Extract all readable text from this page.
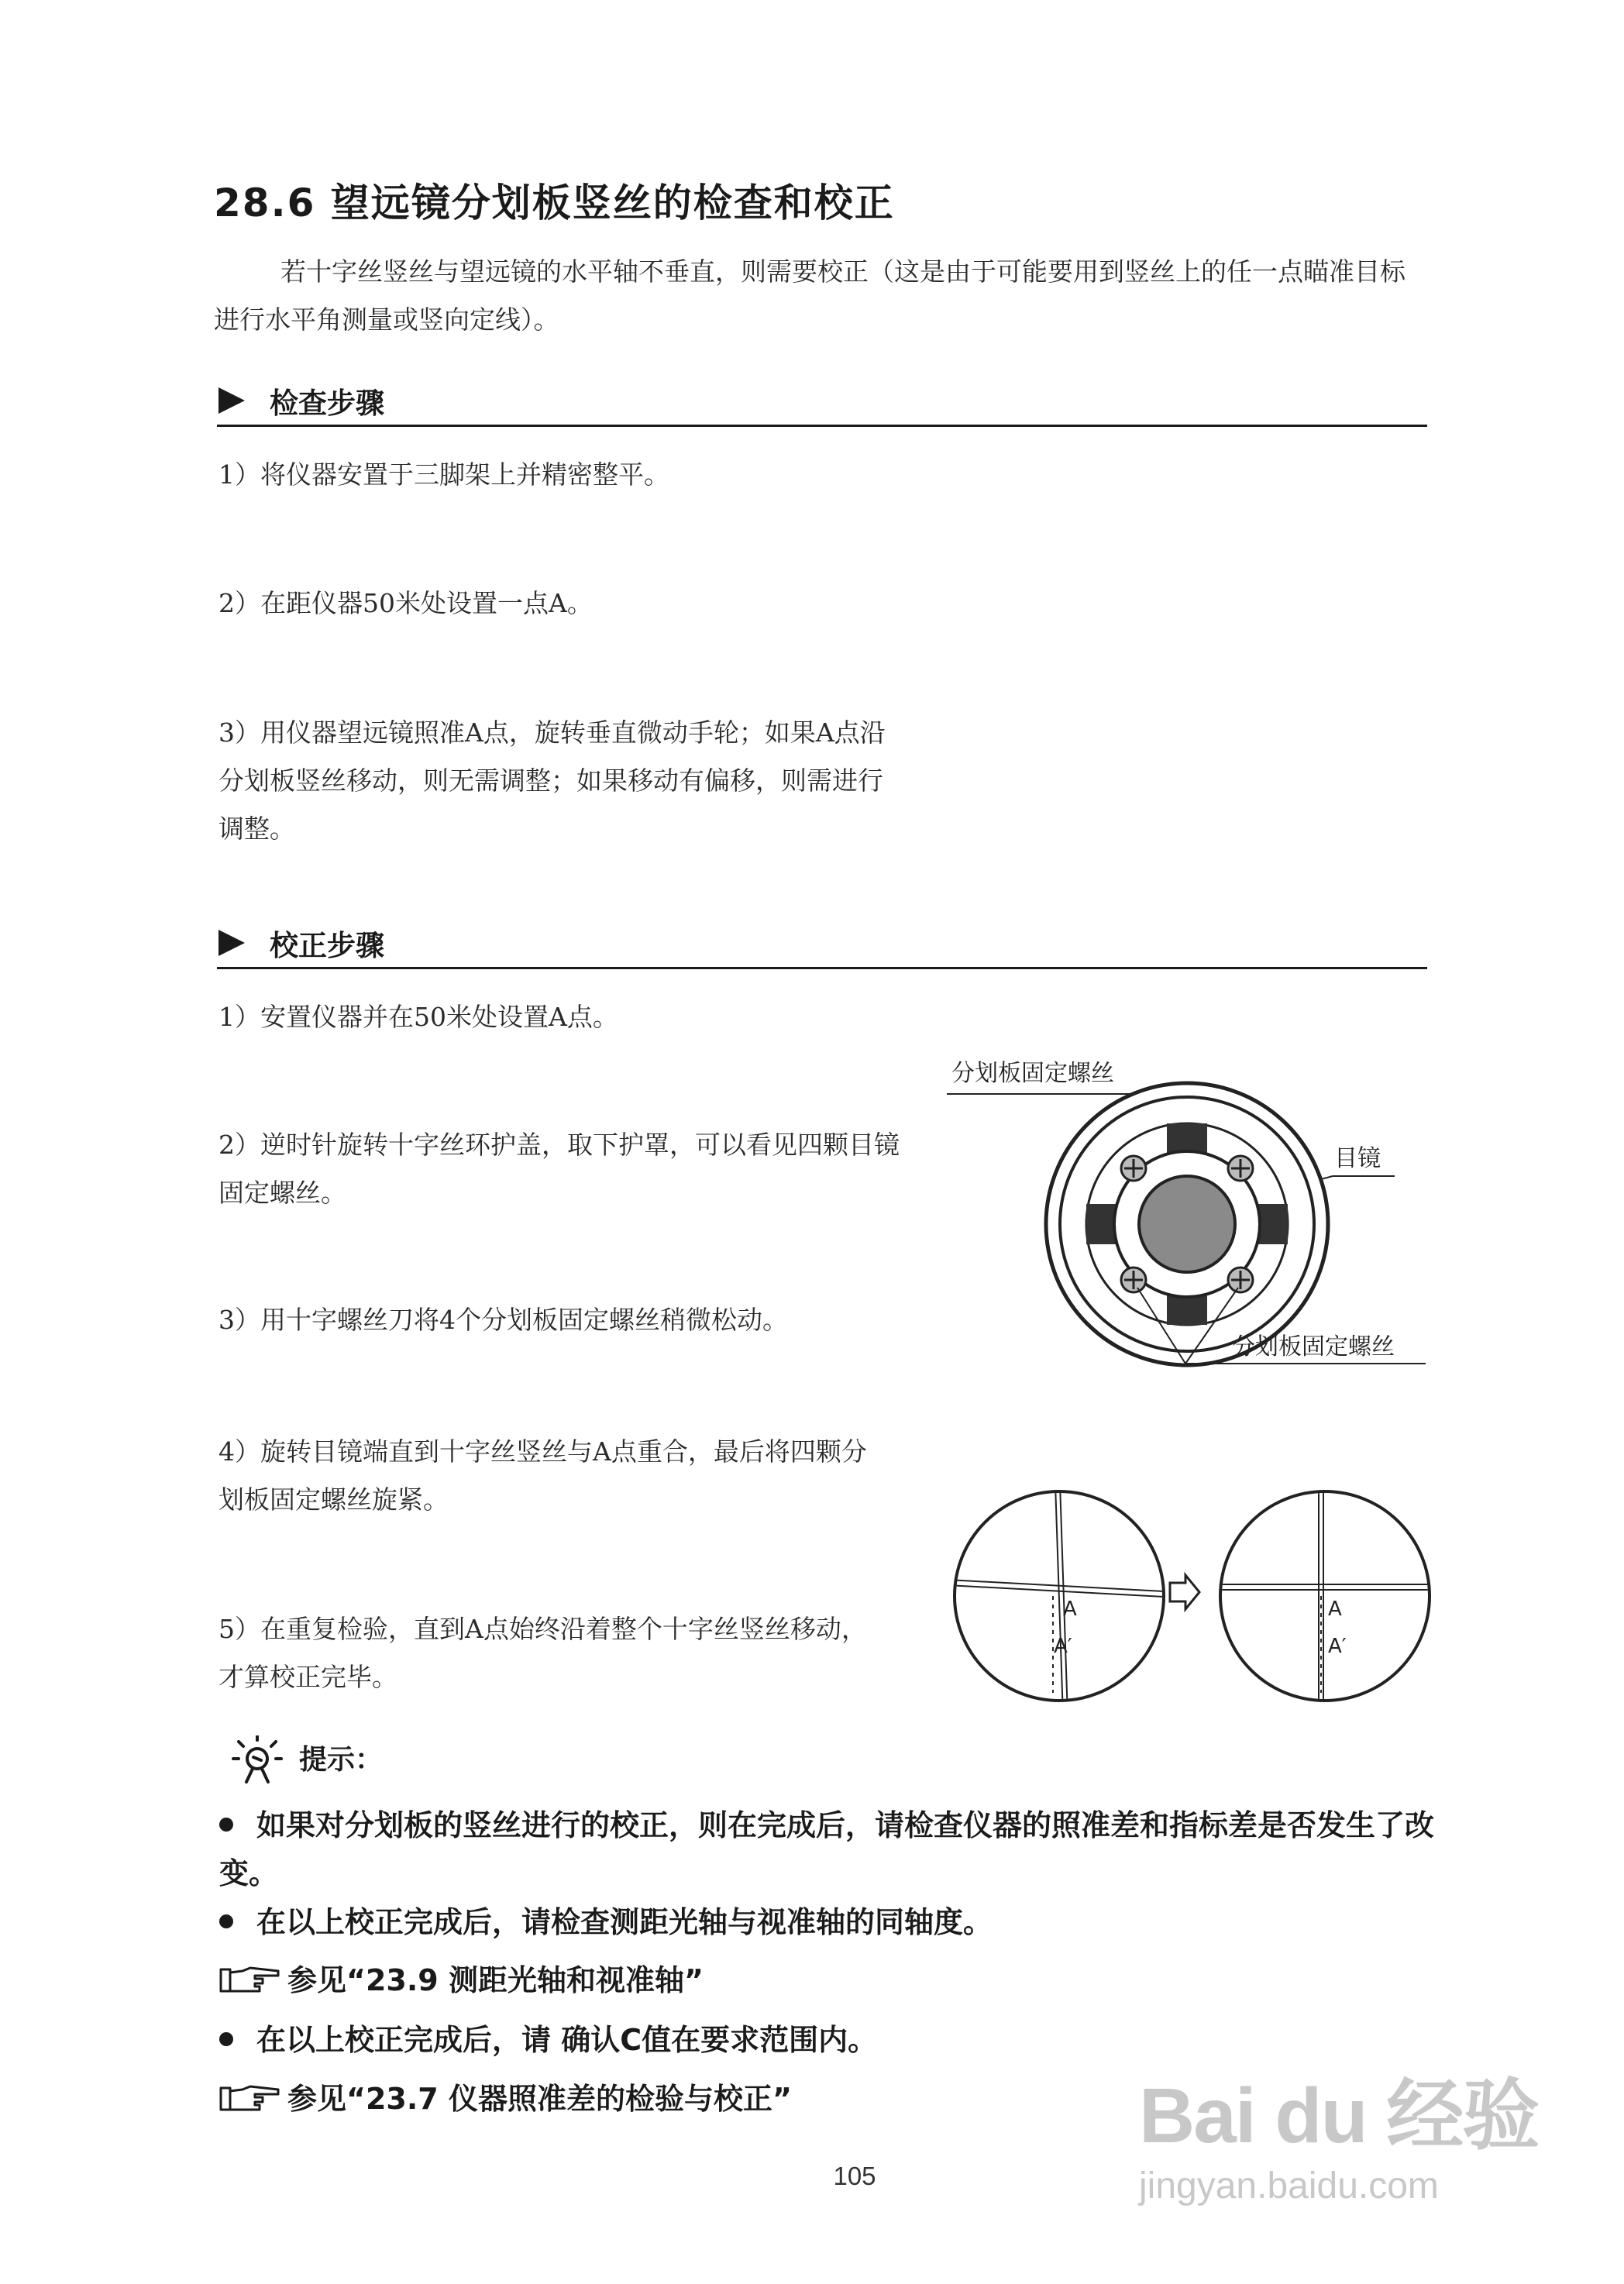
28.6 望远镜分划板竖丝的检查和校正
若十字丝竖丝与望远镜的水平轴不垂直，则需要校正（这是由于可能要用到竖丝上的任一点瞄准目标进行水平角测量或竖向定线）。
检查步骤
1）将仪器安置于三脚架上并精密整平。
2）在距仪器50米处设置一点A。
3）用仪器望远镜照准A点，旋转垂直微动手轮；如果A点沿分划板竖丝移动，则无需调整；如果移动有偏移，则需进行调整。
校正步骤
1）安置仪器并在50米处设置A点。
2）逆时针旋转十字丝环护盖，取下护罩，可以看见四颗目镜固定螺丝。
3）用十字螺丝刀将4个分划板固定螺丝稍微松动。
4）旋转目镜端直到十字丝竖丝与A点重合，最后将四颗分划板固定螺丝旋紧。
5）在重复检验，直到A点始终沿着整个十字丝竖丝移动，才算校正完毕。
分划板固定螺丝
目镜
分划板固定螺丝
A
A′
A
A′
提示：
如果对分划板的竖丝进行的校正，则在完成后，请检查仪器的照准差和指标差是否发生了改变。
在以上校正完成后，请检查测距光轴与视准轴的同轴度。
参见“23.9 测距光轴和视准轴”
在以上校正完成后，请 确认C值在要求范围内。
参见“23.7 仪器照准差的检验与校正”
105
Bai du 经验
jingyan.baidu.com
